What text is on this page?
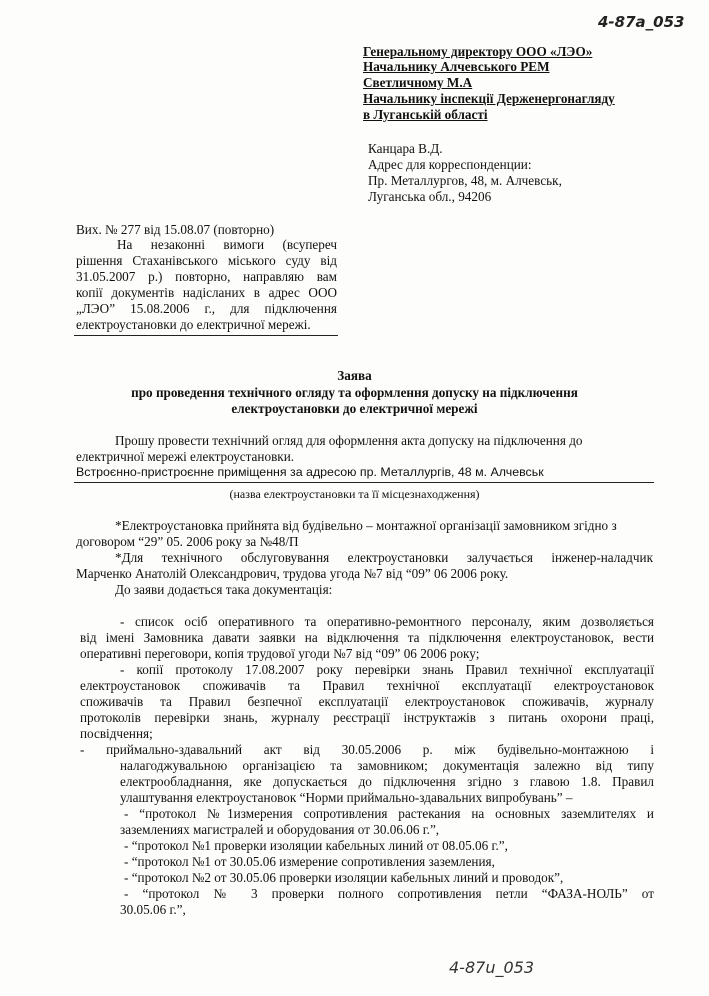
4-87a_053
4-87u_053
Генеральному директору ООО «ЛЭО»
Начальнику Алчевського РЕМ
Светличному М.А
Начальнику інспекції Держенергонагляду
в Луганській області
Канцара В.Д.
Адрес для корреспонденции:
Пр. Металлургов, 48, м. Алчевськ,
Луганська обл., 94206
Вих. № 277 від 15.08.07 (повторно)
На незаконні вимоги (всупереч
рішення Стаханівського міського суду від
31.05.2007 р.) повторно, направляю вам
копії документів надісланих в адрес ООО
„ЛЭО” 15.08.2006 г., для підключення
електроустановки до електричної мережі.
Заява
про проведення технічного огляду та оформлення допуску на підключення
електроустановки до електричної мережі
Прошу провести технічний огляд для оформлення акта допуску на підключення до
електричної мережі електроустановки.
Встроєнно-пристроєнне приміщення за адресою пр. Металлургів, 48 м. Алчевськ
(назва електроустановки та її місцезнаходження)
*Електроустановка прийнята від будівельно – монтажної організації замовником згідно з
договором “29” 05. 2006 року за №48/П
*Для технічного обслуговування електроустановки залучається інженер-наладчик
Марченко Анатолій Олександрович, трудова угода №7 від “09” 06 2006 року.
До заяви додається така документація:
- список осіб оперативного та оперативно-ремонтного персоналу, яким дозволяється
від імені Замовника давати заявки на відключення та підключення електроустановок, вести
оперативні переговори, копія трудової угоди №7 від “09” 06 2006 року;
- копії протоколу 17.08.2007 року перевірки знань Правил технічної експлуатації
електроустановок споживачів та Правил технічної експлуатації електроустановок
споживачів та Правил безпечної експлуатації електроустановок споживачів, журналу
протоколів перевірки знань, журналу реєстрації інструктажів з питань охорони праці,
посвідчення;
- приймально-здавальний акт від 30.05.2006 р. між будівельно-монтажною і
налагоджувальною організацією та замовником; документація залежно від типу
електрообладнання, яке допускається до підключення згідно з главою 1.8. Правил
улаштування електроустановок “Норми приймально-здавальних випробувань” –
- “протокол №1измерения сопротивления растекания на основных заземлителях и
заземлениях магистралей и оборудования от 30.06.06 г.”,
- “протокол №1 проверки изоляции кабельных линий от 08.05.06 г.”,
- “протокол №1 от 30.05.06 измерение сопротивления заземления,
- “протокол №2 от 30.05.06 проверки изоляции кабельных линий и проводок”,
- “протокол № 3 проверки полного сопротивления петли “ФАЗА-НОЛЬ” от
30.05.06 г.”,
